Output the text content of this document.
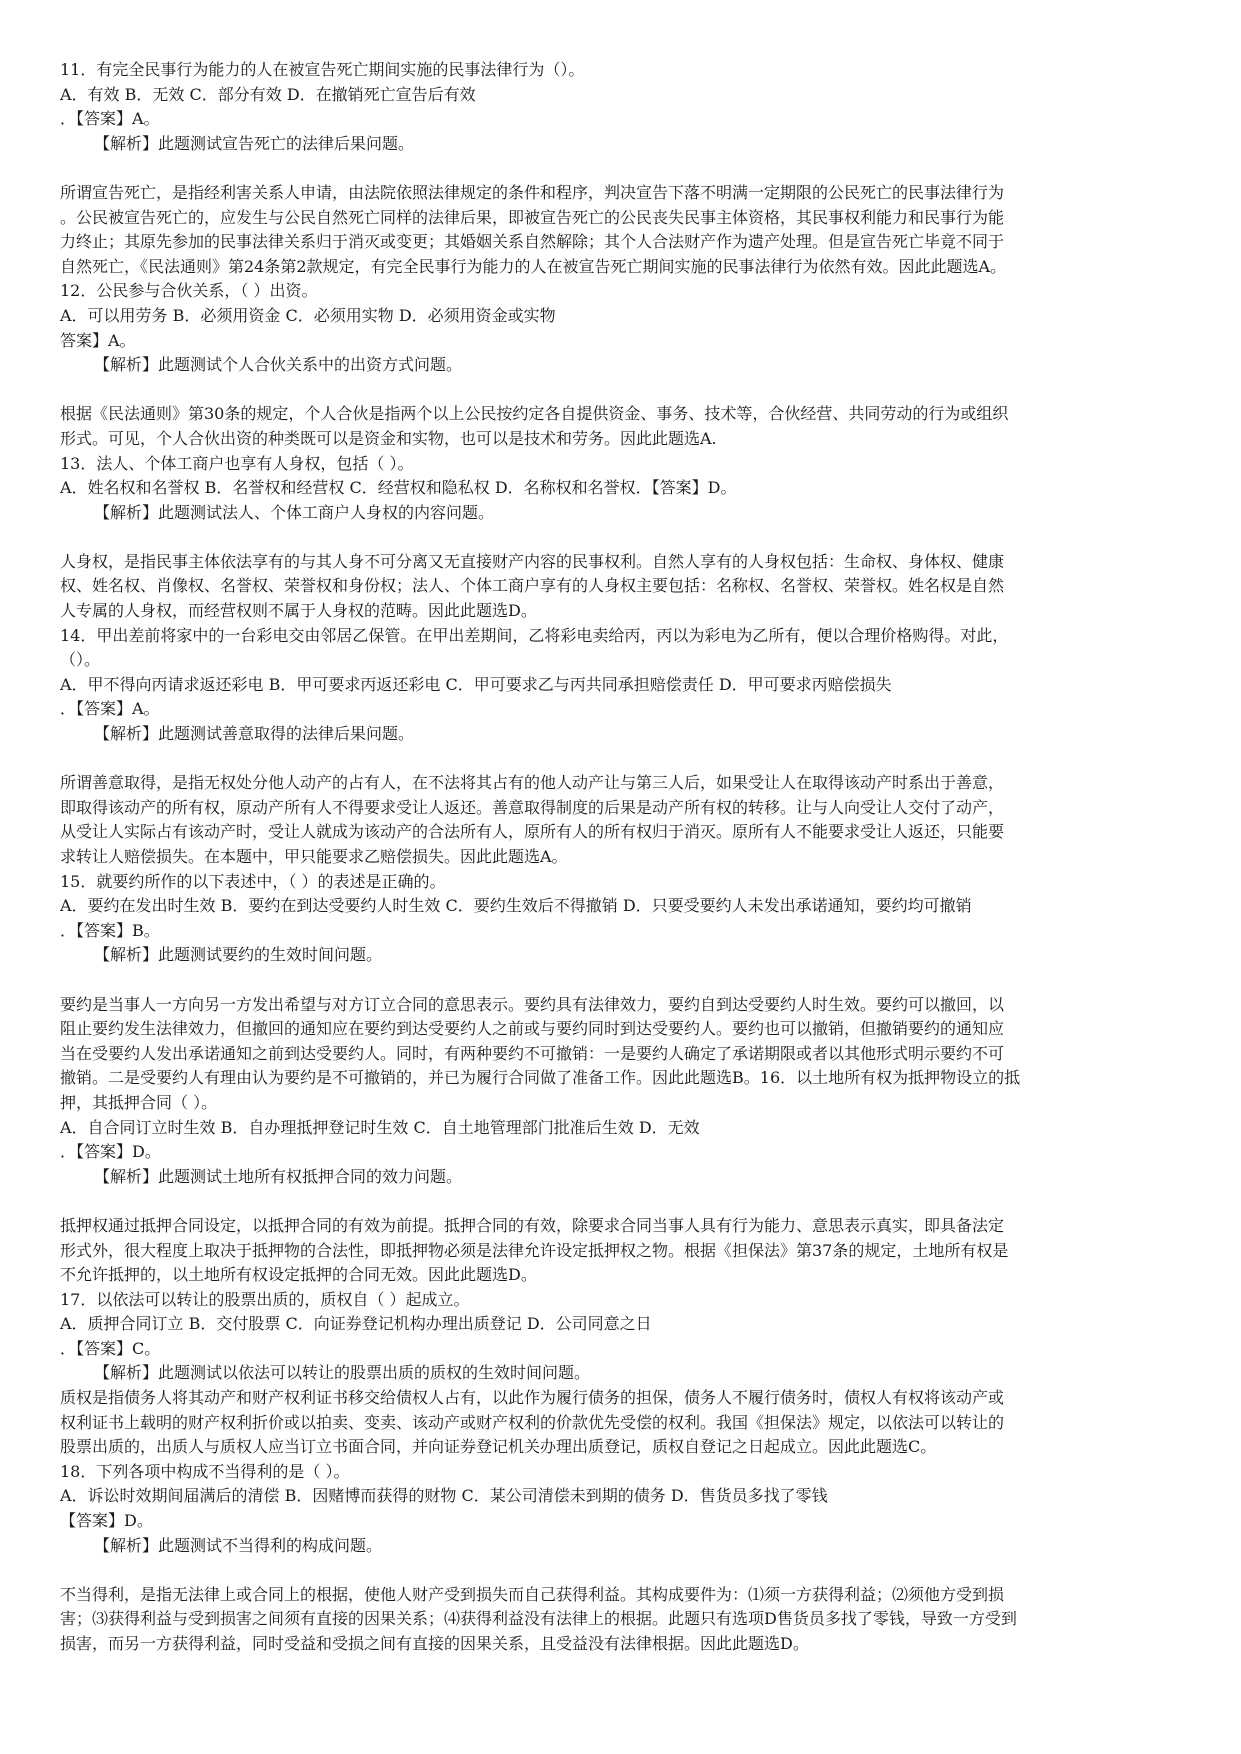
11．有完全民事行为能力的人在被宣告死亡期间实施的民事法律行为（）。
A．有效 B．无效 C．部分有效 D．在撤销死亡宣告后有效
．【答案】A。
【解析】此题测试宣告死亡的法律后果问题。
所谓宣告死亡，是指经利害关系人申请，由法院依照法律规定的条件和程序，判决宣告下落不明满一定期限的公民死亡的民事法律行为
。公民被宣告死亡的，应发生与公民自然死亡同样的法律后果，即被宣告死亡的公民丧失民事主体资格，其民事权利能力和民事行为能
力终止；其原先参加的民事法律关系归于消灭或变更；其婚姻关系自然解除；其个人合法财产作为遗产处理。但是宣告死亡毕竟不同于
自然死亡，《民法通则》第24条第2款规定，有完全民事行为能力的人在被宣告死亡期间实施的民事法律行为依然有效。因此此题选A。
12．公民参与合伙关系，（ ）出资。
A．可以用劳务 B．必须用资金 C．必须用实物 D．必须用资金或实物
答案】A。
【解析】此题测试个人合伙关系中的出资方式问题。
根据《民法通则》第30条的规定，个人合伙是指两个以上公民按约定各自提供资金、事务、技术等，合伙经营、共同劳动的行为或组织
形式。可见，个人合伙出资的种类既可以是资金和实物，也可以是技术和劳务。因此此题选A.
13．法人、个体工商户也享有人身权，包括（ ）。
A．姓名权和名誉权 B．名誉权和经营权 C．经营权和隐私权 D．名称权和名誉权．【答案】D。
【解析】此题测试法人、个体工商户人身权的内容问题。
人身权，是指民事主体依法享有的与其人身不可分离又无直接财产内容的民事权利。自然人享有的人身权包括：生命权、身体权、健康
权、姓名权、肖像权、名誉权、荣誉权和身份权；法人、个体工商户享有的人身权主要包括：名称权、名誉权、荣誉权。姓名权是自然
人专属的人身权，而经营权则不属于人身权的范畴。因此此题选D。
14．甲出差前将家中的一台彩电交由邻居乙保管。在甲出差期间，乙将彩电卖给丙，丙以为彩电为乙所有，便以合理价格购得。对此，
（）。
A．甲不得向丙请求返还彩电 B．甲可要求丙返还彩电 C．甲可要求乙与丙共同承担赔偿责任 D．甲可要求丙赔偿损失
．【答案】A。
【解析】此题测试善意取得的法律后果问题。
所谓善意取得，是指无权处分他人动产的占有人，在不法将其占有的他人动产让与第三人后，如果受让人在取得该动产时系出于善意，
即取得该动产的所有权，原动产所有人不得要求受让人返还。善意取得制度的后果是动产所有权的转移。让与人向受让人交付了动产，
从受让人实际占有该动产时，受让人就成为该动产的合法所有人，原所有人的所有权归于消灭。原所有人不能要求受让人返还，只能要
求转让人赔偿损失。在本题中，甲只能要求乙赔偿损失。因此此题选A。
15．就要约所作的以下表述中，（ ）的表述是正确的。
A．要约在发出时生效 B．要约在到达受要约人时生效 C．要约生效后不得撤销 D．只要受要约人未发出承诺通知，要约均可撤销
．【答案】B。
【解析】此题测试要约的生效时间问题。
要约是当事人一方向另一方发出希望与对方订立合同的意思表示。要约具有法律效力，要约自到达受要约人时生效。要约可以撤回，以
阻止要约发生法律效力，但撤回的通知应在要约到达受要约人之前或与要约同时到达受要约人。要约也可以撤销，但撤销要约的通知应
当在受要约人发出承诺通知之前到达受要约人。同时，有两种要约不可撤销：一是要约人确定了承诺期限或者以其他形式明示要约不可
撤销。二是受要约人有理由认为要约是不可撤销的，并已为履行合同做了准备工作。因此此题选B。16．以土地所有权为抵押物设立的抵
押，其抵押合同（ ）。
A．自合同订立时生效 B．自办理抵押登记时生效 C．自土地管理部门批准后生效 D．无效
．【答案】D。
【解析】此题测试土地所有权抵押合同的效力问题。
抵押权通过抵押合同设定，以抵押合同的有效为前提。抵押合同的有效，除要求合同当事人具有行为能力、意思表示真实，即具备法定
形式外，很大程度上取决于抵押物的合法性，即抵押物必须是法律允许设定抵押权之物。根据《担保法》第37条的规定，土地所有权是
不允许抵押的，以土地所有权设定抵押的合同无效。因此此题选D。
17．以依法可以转让的股票出质的，质权自（ ）起成立。
A．质押合同订立 B．交付股票 C．向证券登记机构办理出质登记 D．公司同意之日
．【答案】C。
【解析】此题测试以依法可以转让的股票出质的质权的生效时间问题。
质权是指债务人将其动产和财产权利证书移交给债权人占有，以此作为履行债务的担保，债务人不履行债务时，债权人有权将该动产或
权利证书上载明的财产权利折价或以拍卖、变卖、该动产或财产权利的价款优先受偿的权利。我国《担保法》规定，以依法可以转让的
股票出质的，出质人与质权人应当订立书面合同，并向证券登记机关办理出质登记，质权自登记之日起成立。因此此题选C。
18．下列各项中构成不当得利的是（ ）。
A．诉讼时效期间届满后的清偿 B．因赌博而获得的财物 C．某公司清偿未到期的债务 D．售货员多找了零钱
【答案】D。
【解析】此题测试不当得利的构成问题。
不当得利，是指无法律上或合同上的根据，使他人财产受到损失而自己获得利益。其构成要件为：⑴须一方获得利益；⑵须他方受到损
害；⑶获得利益与受到损害之间须有直接的因果关系；⑷获得利益没有法律上的根据。此题只有选项D售货员多找了零钱，导致一方受到
损害，而另一方获得利益，同时受益和受损之间有直接的因果关系，且受益没有法律根据。因此此题选D。
